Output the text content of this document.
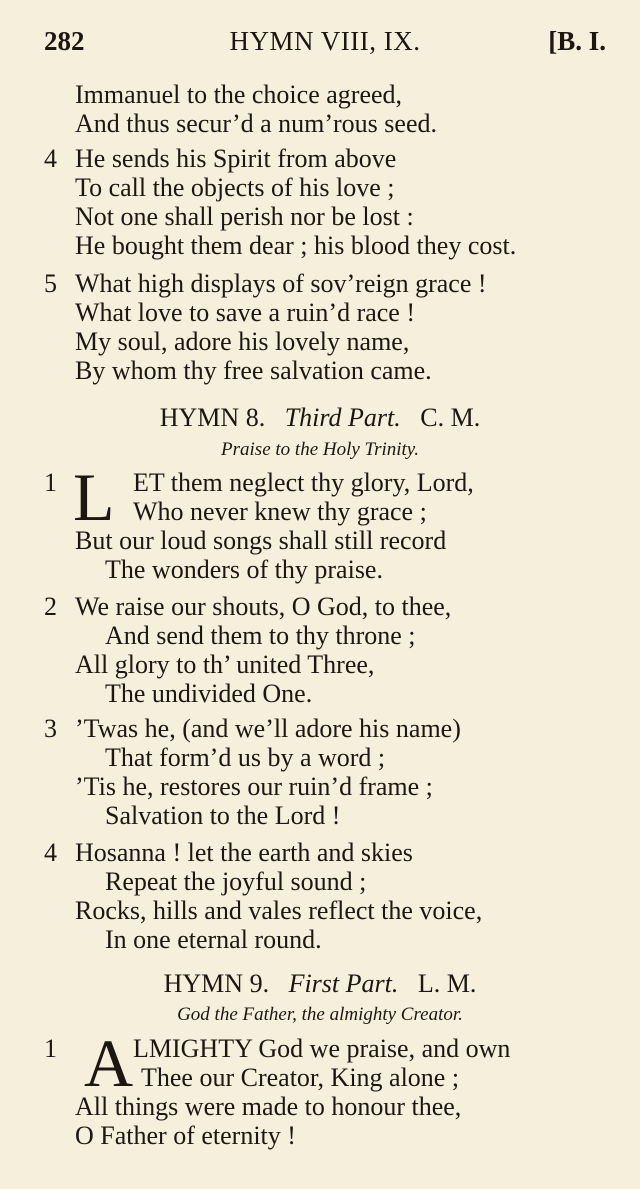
282	HYMN VIII, IX.	[B. I.
Immanuel to the choice agreed,
And thus secur’d a num’rous seed.
4 He sends his Spirit from above
To call the objects of his love ;
Not one shall perish nor be lost :
He bought them dear ; his blood they cost.
5 What high displays of sov’reign grace !
What love to save a ruin’d race !
My soul, adore his lovely name,
By whom thy free salvation came.
HYMN 8. Third Part. C. M.
Praise to the Holy Trinity.
1 L ET them neglect thy glory, Lord,
Who never knew thy grace ;
But our loud songs shall still record
The wonders of thy praise.
2 We raise our shouts, O God, to thee,
And send them to thy throne ;
All glory to th’ united Three,
The undivided One.
3 ’Twas he, (and we’ll adore his name)
That form’d us by a word ;
’Tis he, restores our ruin’d frame ;
Salvation to the Lord !
4 Hosanna ! let the earth and skies
Repeat the joyful sound ;
Rocks, hills and vales reflect the voice,
In one eternal round.
HYMN 9. First Part. L. M.
God the Father, the almighty Creator.
1 A LMIGHTY God we praise, and own
Thee our Creator, King alone ;
All things were made to honour thee,
O Father of eternity !
